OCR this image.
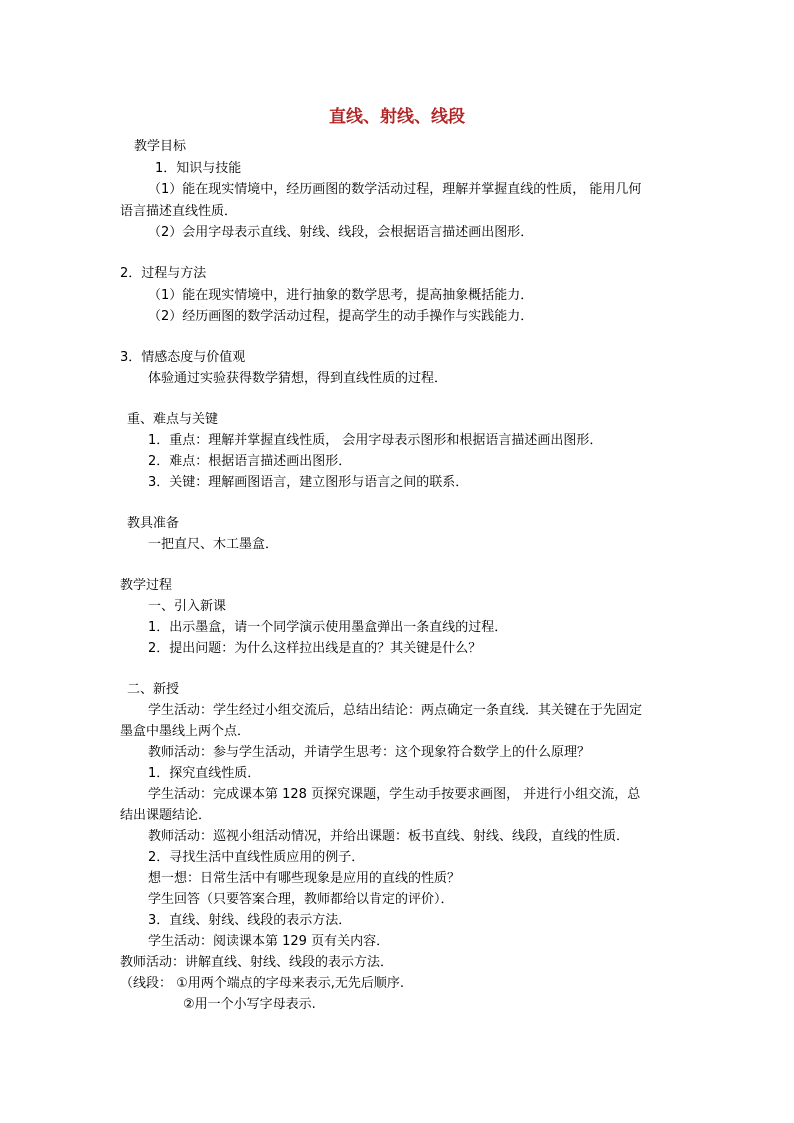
直线、射线、线段
教学目标
1．知识与技能
（1）能在现实情境中，经历画图的数学活动过程，理解并掌握直线的性质， 能用几何
语言描述直线性质．
（2）会用字母表示直线、射线、线段，会根据语言描述画出图形．
2．过程与方法
（1）能在现实情境中，进行抽象的数学思考，提高抽象概括能力．
（2）经历画图的数学活动过程，提高学生的动手操作与实践能力．
3．情感态度与价值观
体验通过实验获得数学猜想，得到直线性质的过程．
重、难点与关键
1．重点：理解并掌握直线性质， 会用字母表示图形和根据语言描述画出图形．
2．难点：根据语言描述画出图形．
3．关键：理解画图语言，建立图形与语言之间的联系．
教具准备
一把直尺、木工墨盒．
教学过程
一、引入新课
1．出示墨盒，请一个同学演示使用墨盒弹出一条直线的过程．
2．提出问题：为什么这样拉出线是直的？其关键是什么？
二、新授
学生活动：学生经过小组交流后，总结出结论：两点确定一条直线．其关键在于先固定
墨盒中墨线上两个点．
教师活动：参与学生活动，并请学生思考：这个现象符合数学上的什么原理？
1．探究直线性质．
学生活动：完成课本第 128 页探究课题，学生动手按要求画图， 并进行小组交流，总
结出课题结论．
教师活动：巡视小组活动情况，并给出课题：板书直线、射线、线段，直线的性质．
2．寻找生活中直线性质应用的例子．
想一想：日常生活中有哪些现象是应用的直线的性质？
学生回答（只要答案合理，教师都给以肯定的评价）．
3．直线、射线、线段的表示方法．
学生活动：阅读课本第 129 页有关内容．
教师活动：讲解直线、射线、线段的表示方法．
（线段： ①用两个端点的字母来表示,无先后顺序.
②用一个小写字母表示.
